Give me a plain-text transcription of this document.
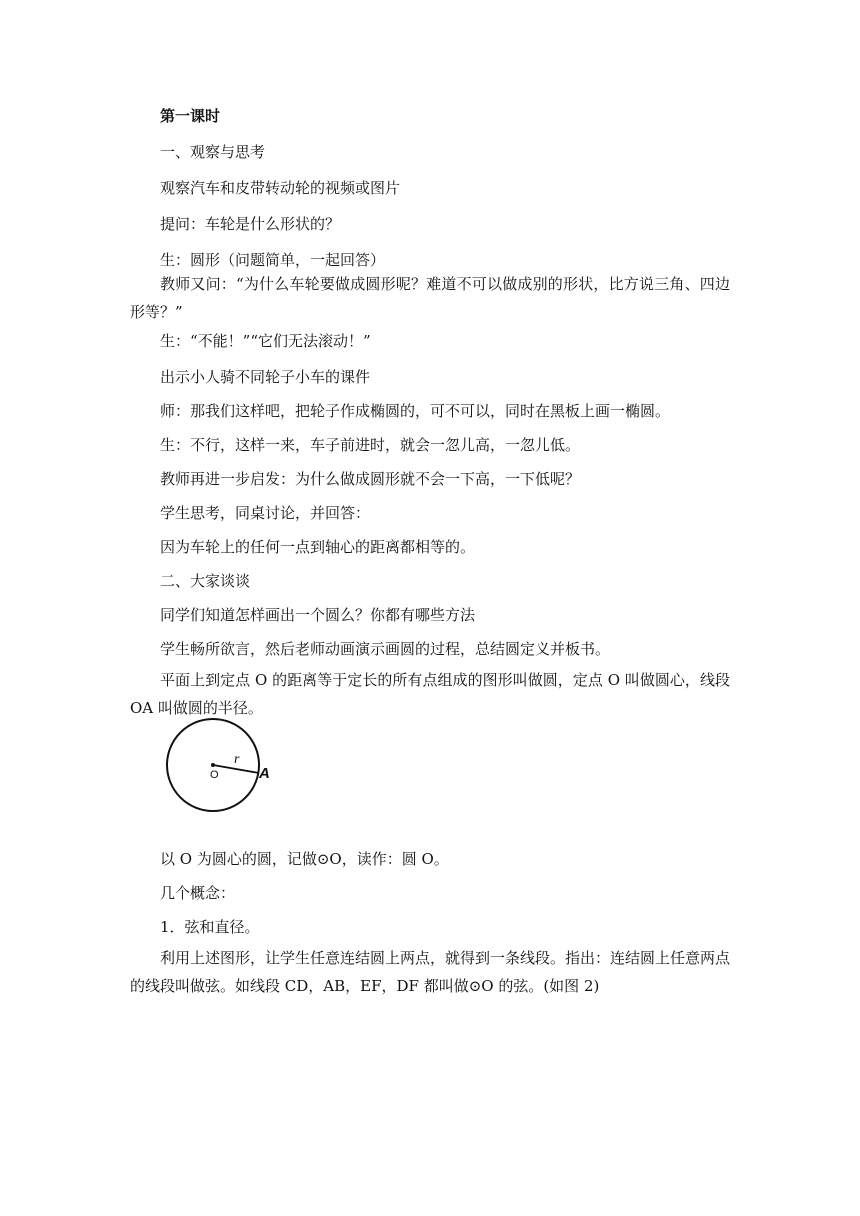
第一课时
一、观察与思考
观察汽车和皮带转动轮的视频或图片
提问：车轮是什么形状的？
生：圆形（问题简单，一起回答）
教师又问：“为什么车轮要做成圆形呢？难道不可以做成别的形状，比方说三角、四边形等？”
生：“不能！”“它们无法滚动！”
出示小人骑不同轮子小车的课件
师：那我们这样吧，把轮子作成椭圆的，可不可以，同时在黑板上画一椭圆。
生：不行，这样一来，车子前进时，就会一忽儿高，一忽儿低。
教师再进一步启发：为什么做成圆形就不会一下高，一下低呢？
学生思考，同桌讨论，并回答：
因为车轮上的任何一点到轴心的距离都相等的。
二、大家谈谈
同学们知道怎样画出一个圆么？你都有哪些方法
学生畅所欲言，然后老师动画演示画圆的过程，总结圆定义并板书。
平面上到定点 O 的距离等于定长的所有点组成的图形叫做圆，定点 O 叫做圆心，线段 OA 叫做圆的半径。
O
r
A
以 O 为圆心的圆，记做⊙O，读作：圆 O。
几个概念：
1．弦和直径。
利用上述图形，让学生任意连结圆上两点，就得到一条线段。指出：连结圆上任意两点的线段叫做弦。如线段 CD，AB，EF，DF 都叫做⊙O 的弦。(如图 2)
